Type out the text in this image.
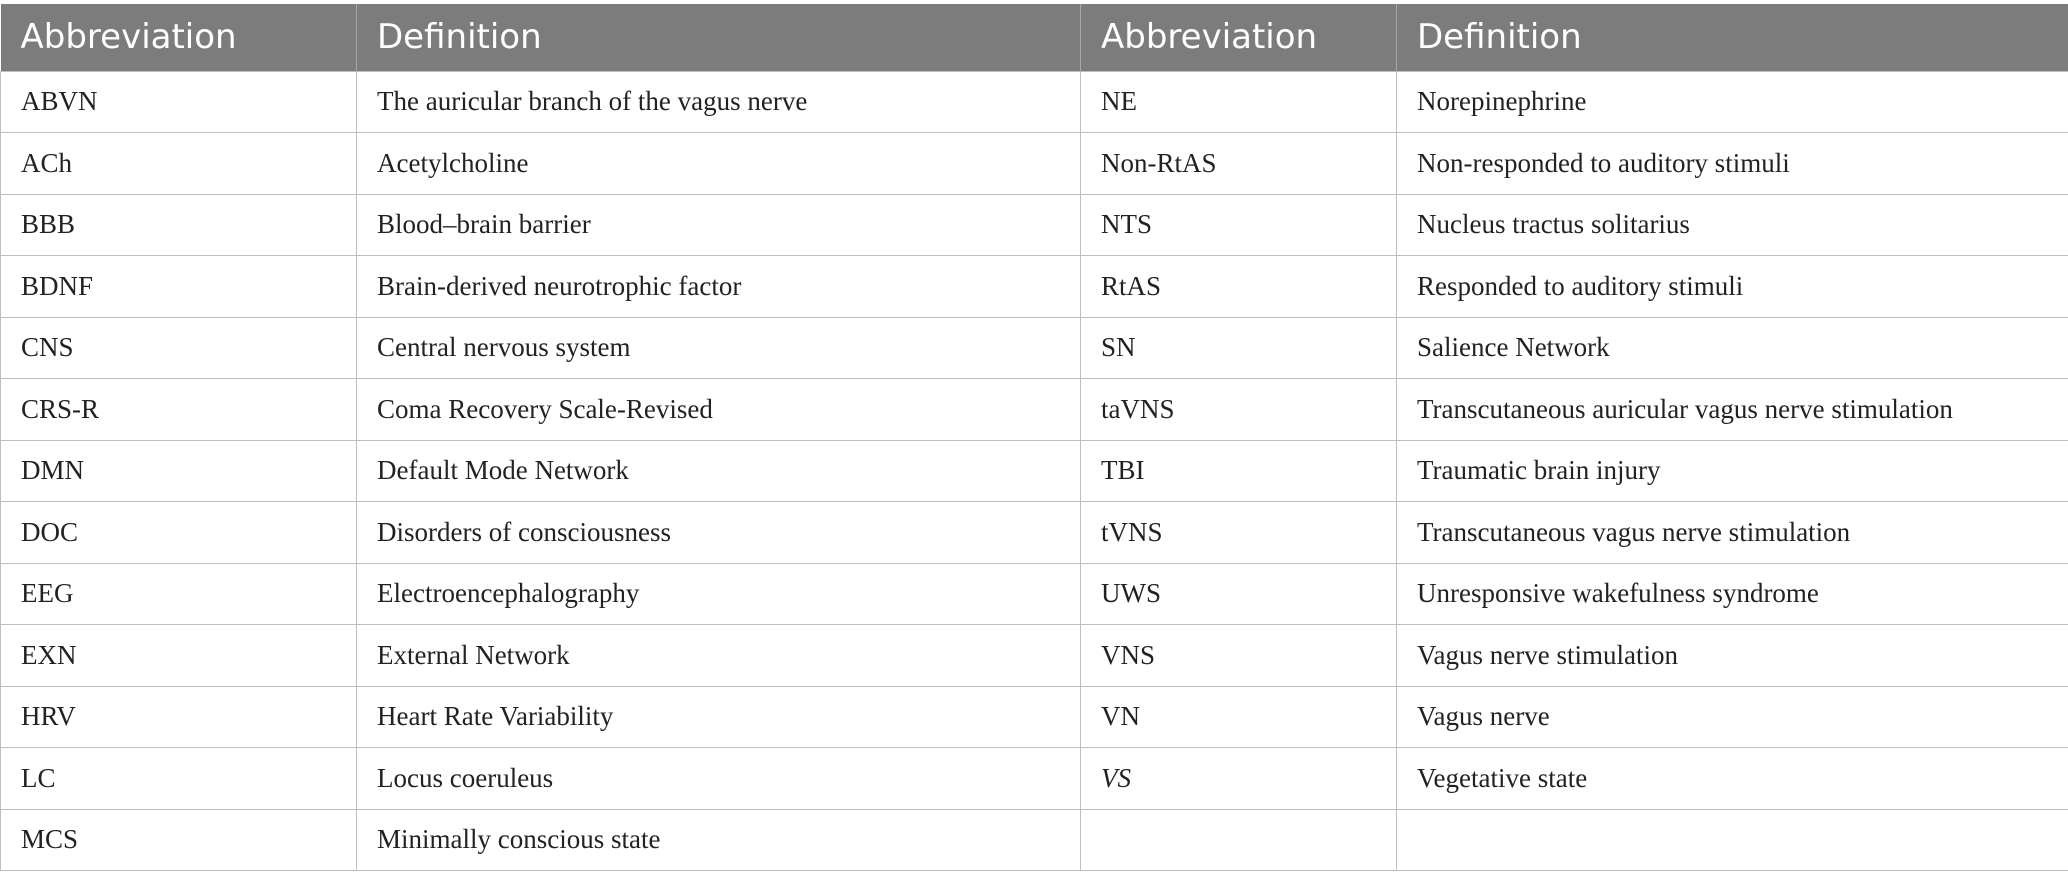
Abbreviation	Definition	Abbreviation	Definition
ABVN	The auricular branch of the vagus nerve	NE	Norepinephrine
ACh	Acetylcholine	Non-RtAS	Non-responded to auditory stimuli
BBB	Blood–brain barrier	NTS	Nucleus tractus solitarius
BDNF	Brain-derived neurotrophic factor	RtAS	Responded to auditory stimuli
CNS	Central nervous system	SN	Salience Network
CRS-R	Coma Recovery Scale-Revised	taVNS	Transcutaneous auricular vagus nerve stimulation
DMN	Default Mode Network	TBI	Traumatic brain injury
DOC	Disorders of consciousness	tVNS	Transcutaneous vagus nerve stimulation
EEG	Electroencephalography	UWS	Unresponsive wakefulness syndrome
EXN	External Network	VNS	Vagus nerve stimulation
HRV	Heart Rate Variability	VN	Vagus nerve
LC	Locus coeruleus	VS	Vegetative state
MCS	Minimally conscious state		
